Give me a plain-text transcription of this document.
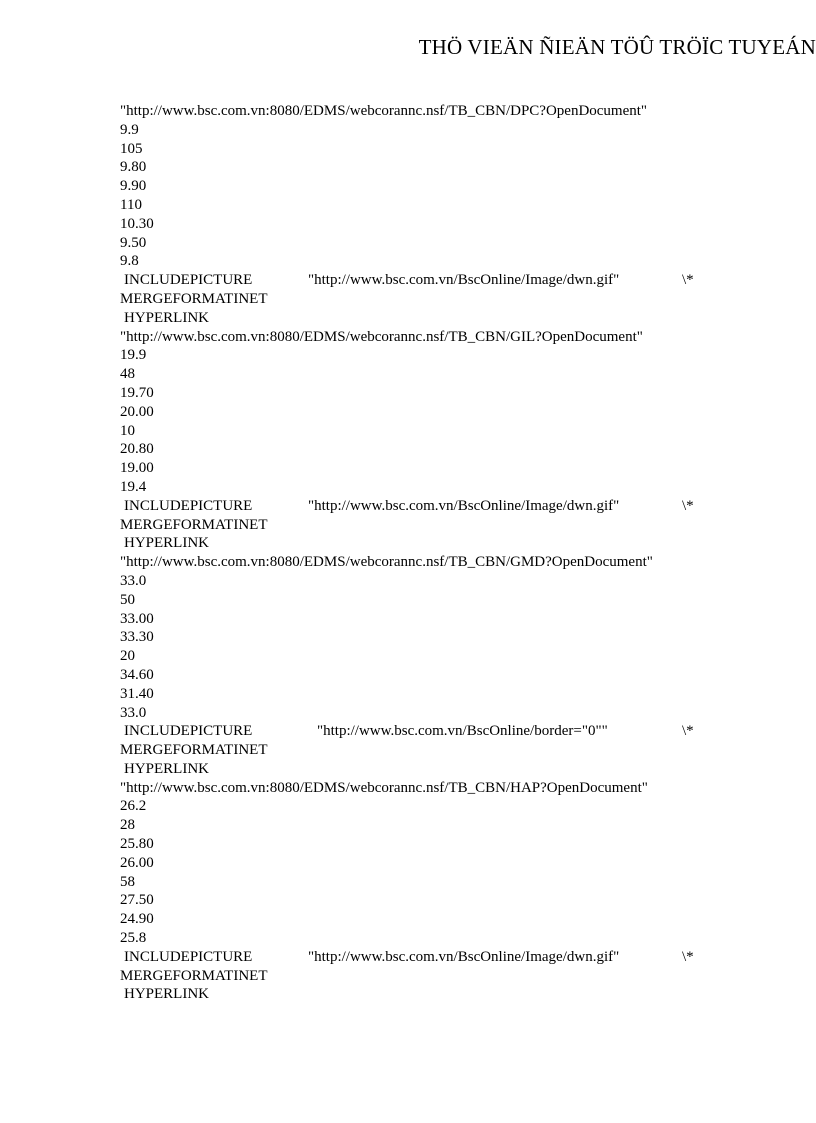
THÖ VIEÄN ÑIEÄN TÖÛ TRÖÏC TUYEÁN
"http://www.bsc.com.vn:8080/EDMS/webcorannc.nsf/TB_CBN/DPC?OpenDocument"
9.9
105
9.80
9.90
110
10.30
9.50
9.8
INCLUDEPICTURE	"http://www.bsc.com.vn/BscOnline/Image/dwn.gif"	\*
MERGEFORMATINET
HYPERLINK
"http://www.bsc.com.vn:8080/EDMS/webcorannc.nsf/TB_CBN/GIL?OpenDocument"
19.9
48
19.70
20.00
10
20.80
19.00
19.4
INCLUDEPICTURE	"http://www.bsc.com.vn/BscOnline/Image/dwn.gif"	\*
MERGEFORMATINET
HYPERLINK
"http://www.bsc.com.vn:8080/EDMS/webcorannc.nsf/TB_CBN/GMD?OpenDocument"
33.0
50
33.00
33.30
20
34.60
31.40
33.0
INCLUDEPICTURE	"http://www.bsc.com.vn/BscOnline/border="0""	\*
MERGEFORMATINET
HYPERLINK
"http://www.bsc.com.vn:8080/EDMS/webcorannc.nsf/TB_CBN/HAP?OpenDocument"
26.2
28
25.80
26.00
58
27.50
24.90
25.8
INCLUDEPICTURE	"http://www.bsc.com.vn/BscOnline/Image/dwn.gif"	\*
MERGEFORMATINET
HYPERLINK
